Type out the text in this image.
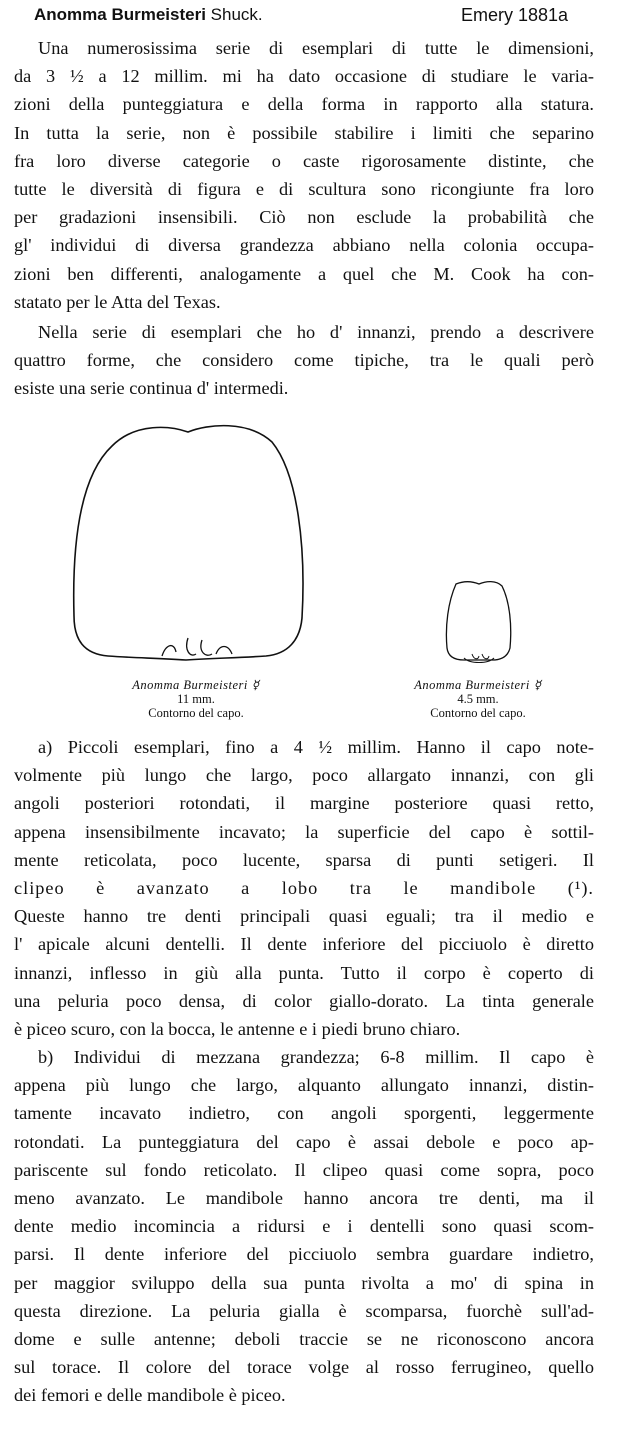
Anomma Burmeisteri Shuck.	Emery 1881a

Una numerosissima serie di esemplari di tutte le dimensioni,

da 3 ½ a 12 millim. mi ha dato occasione di studiare le varia-
zioni della punteggiatura e della forma in rapporto alla statura.
In tutta la serie, non è possibile stabilire i limiti che separino
fra loro diverse categorie o caste rigorosamente distinte, che
tutte le diversità di figura e di scultura sono ricongiunte fra loro
per gradazioni insensibili. Ciò non esclude la probabilità che
gl' individui di diversa grandezza abbiano nella colonia occupa-
zioni ben differenti, analogamente a quel che M. Cook ha con-
statato per le Atta del Texas.

Nella serie di esemplari che ho d' innanzi, prendo a descrivere

quattro forme, che considero come tipiche, tra le quali però
esiste una serie continua d' intermedi.
Anomma Burmeisteri ☿
11 mm.
Contorno del capo.
Anomma Burmeisteri ☿
4.5 mm.
Contorno del capo.

a) Piccoli esemplari, fino a 4 ½ millim. Hanno il capo note-

volmente più lungo che largo, poco allargato innanzi, con gli
angoli posteriori rotondati, il margine posteriore quasi retto,
appena insensibilmente incavato; la superficie del capo è sottil-
mente reticolata, poco lucente, sparsa di punti setigeri. Il
clipeo è avanzato a lobo tra le mandibole (¹).
Queste hanno tre denti principali quasi eguali; tra il medio e
l' apicale alcuni dentelli. Il dente inferiore del picciuolo è diretto
innanzi, inflesso in giù alla punta. Tutto il corpo è coperto di
una peluria poco densa, di color giallo-dorato. La tinta generale
è piceo scuro, con la bocca, le antenne e i piedi bruno chiaro.

b) Individui di mezzana grandezza; 6-8 millim. Il capo è

appena più lungo che largo, alquanto allungato innanzi, distin-
tamente incavato indietro, con angoli sporgenti, leggermente
rotondati. La punteggiatura del capo è assai debole e poco ap-
pariscente sul fondo reticolato. Il clipeo quasi come sopra, poco
meno avanzato. Le mandibole hanno ancora tre denti, ma il
dente medio incomincia a ridursi e i dentelli sono quasi scom-
parsi. Il dente inferiore del picciuolo sembra guardare indietro,
per maggior sviluppo della sua punta rivolta a mo' di spina in
questa direzione. La peluria gialla è scomparsa, fuorchè sull'ad-
dome e sulle antenne; deboli traccie se ne riconoscono ancora
sul torace. Il colore del torace volge al rosso ferrugineo, quello
dei femori e delle mandibole è piceo.
